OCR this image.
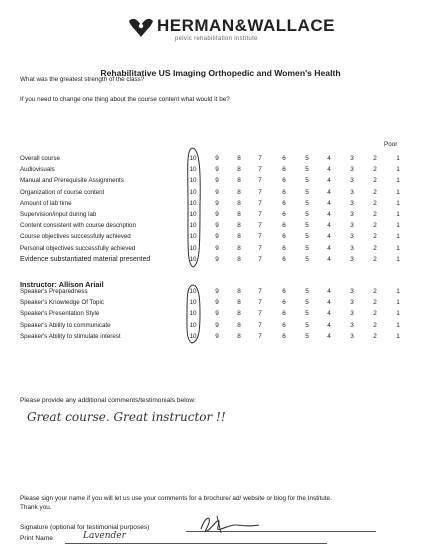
HERMAN&WALLACE
pelvic rehabilitation institute
Rehabilitative US Imaging Orthopedic and Women's Health
What was the greatest strength of the class?
If you need to change one thing about the course content what would it be?
Poor
Overall course	10	9	8	7	6	5	4	3	2	1
Audiovisuals	10	9	8	7	6	5	4	3	2	1
Manual and Prerequisite Assignments	10	9	8	7	6	5	4	3	2	1
Organization of course content	10	9	8	7	6	5	4	3	2	1
Amount of lab time	10	9	8	7	6	5	4	3	2	1
Supervision/input during lab	10	9	8	7	6	5	4	3	2	1
Content consistent with course description	10	9	8	7	6	5	4	3	2	1
Course objectives successfully achieved	10	9	8	7	6	5	4	3	2	1
Personal objectives successfully achieved	10	9	8	7	6	5	4	3	2	1
Evidence substantiated material presented	10	9	8	7	6	5	4	3	2	1
Instructor: Allison Ariail
Speaker's Preparedness	10	9	8	7	6	5	4	3	2	1
Speaker's Knowledge Of Topic	10	9	8	7	6	5	4	3	2	1
Speaker's Presentation Style	10	9	8	7	6	5	4	3	2	1
Speaker's Ability to communicate	10	9	8	7	6	5	4	3	2	1
Speaker's Ability to stimulate interest	10	9	8	7	6	5	4	3	2	1
Please provide any additional comments/testimonials below:
Great course. Great instructor !!
Please sign your name if you will let us use your comments for a brochure/ ad/ website or blog for the Institute.
Thank you.
Signature (optional for testimonial purposes)
Print Name	Lavender
